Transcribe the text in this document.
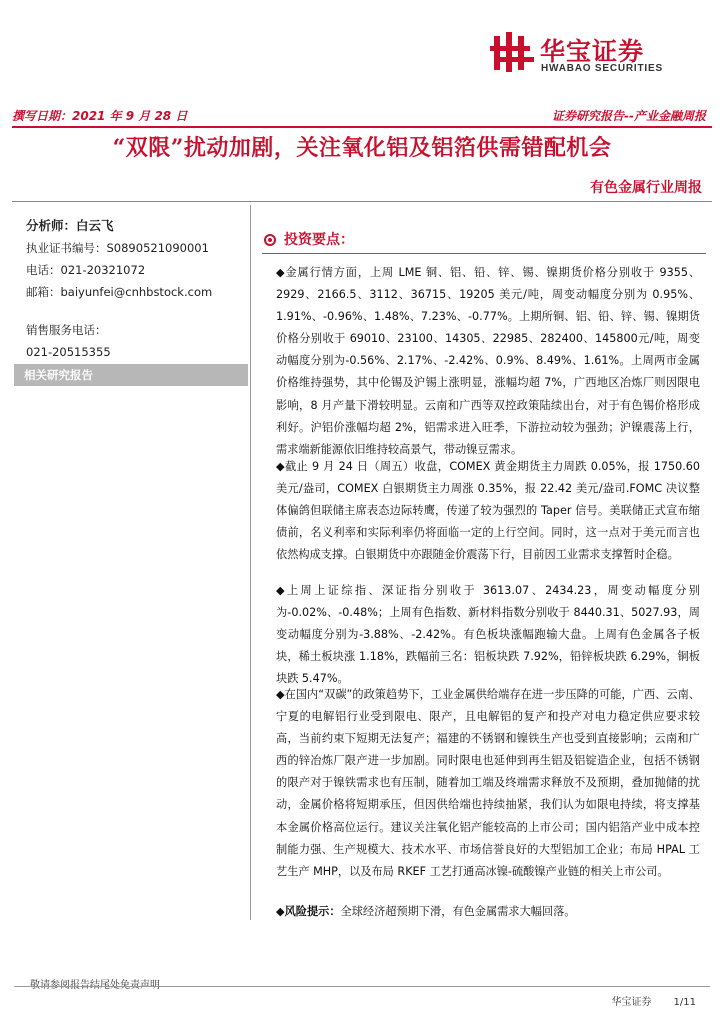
华宝证券
HWABAO SECURITIES
撰写日期：2021 年 9 月 28 日	证券研究报告--产业金融周报
“双限”扰动加剧，关注氧化铝及铝箔供需错配机会
有色金属行业周报
分析师：白云飞
执业证书编号：S0890521090001
电话：021-20321072
邮箱：baiyunfei@cnhbstock.com
销售服务电话：
021-20515355
相关研究报告
投资要点：
◆金属行情方面，上周 LME 铜、铝、铅、锌、锡、镍期货价格分别收于 9355、2929、2166.5、3112、36715、19205 美元/吨，周变动幅度分别为 0.95%、1.91%、-0.96%、1.48%、7.23%、-0.77%。上期所铜、铝、铅、锌、锡、镍期货价格分别收于 69010、23100、14305、22985、282400、145800元/吨，周变动幅度分别为-0.56%、2.17%、-2.42%、0.9%、8.49%、1.61%。上周两市金属价格维持强势，其中伦锡及沪锡上涨明显，涨幅均超 7%，广西地区冶炼厂则因限电影响，8 月产量下滑较明显。云南和广西等双控政策陆续出台，对于有色锡价格形成利好。沪铝价涨幅均超 2%，铝需求进入旺季，下游拉动较为强劲；沪镍震荡上行，需求端新能源依旧维持较高景气，带动镍豆需求。
◆截止 9 月 24 日（周五）收盘，COMEX 黄金期货主力周跌 0.05%，报 1750.60 美元/盎司，COMEX 白银期货主力周涨 0.35%，报 22.42 美元/盎司.FOMC 决议整体偏鸽但联储主席表态边际转鹰，传递了较为强烈的 Taper 信号。美联储正式宣布缩债前，名义利率和实际利率仍将面临一定的上行空间。同时，这一点对于美元而言也依然构成支撑。白银期货中亦跟随金价震荡下行，目前因工业需求支撑暂时企稳。
◆上周上证综指、深证指分别收于 3613.07、2434.23，周变动幅度分别为-0.02%、-0.48%；上周有色指数、新材料指数分别收于 8440.31、5027.93，周变动幅度分别为-3.88%、-2.42%。有色板块涨幅跑输大盘。上周有色金属各子板块，稀土板块涨 1.18%，跌幅前三名：铝板块跌 7.92%，铅锌板块跌 6.29%，铜板块跌 5.47%。
◆在国内“双碳”的政策趋势下，工业金属供给端存在进一步压降的可能，广西、云南、宁夏的电解铝行业受到限电、限产，且电解铝的复产和投产对电力稳定供应要求较高，当前约束下短期无法复产；福建的不锈钢和镍铁生产也受到直接影响；云南和广西的锌冶炼厂限产进一步加剧。同时限电也延伸到再生铝及铝锭造企业，包括不锈钢的限产对于镍铁需求也有压制，随着加工端及终端需求释放不及预期，叠加抛储的扰动，金属价格将短期承压，但因供给端也持续抽紧，我们认为如限电持续，将支撑基本金属价格高位运行。建议关注氧化铝产能较高的上市公司；国内铝箔产业中成本控制能力强、生产规模大、技术水平、市场信誉良好的大型铝加工企业；布局 HPAL 工艺生产 MHP，以及布局 RKEF 工艺打通高冰镍-硫酸镍产业链的相关上市公司。
◆风险提示：全球经济超预期下滑，有色金属需求大幅回落。
华宝证券 1/11
